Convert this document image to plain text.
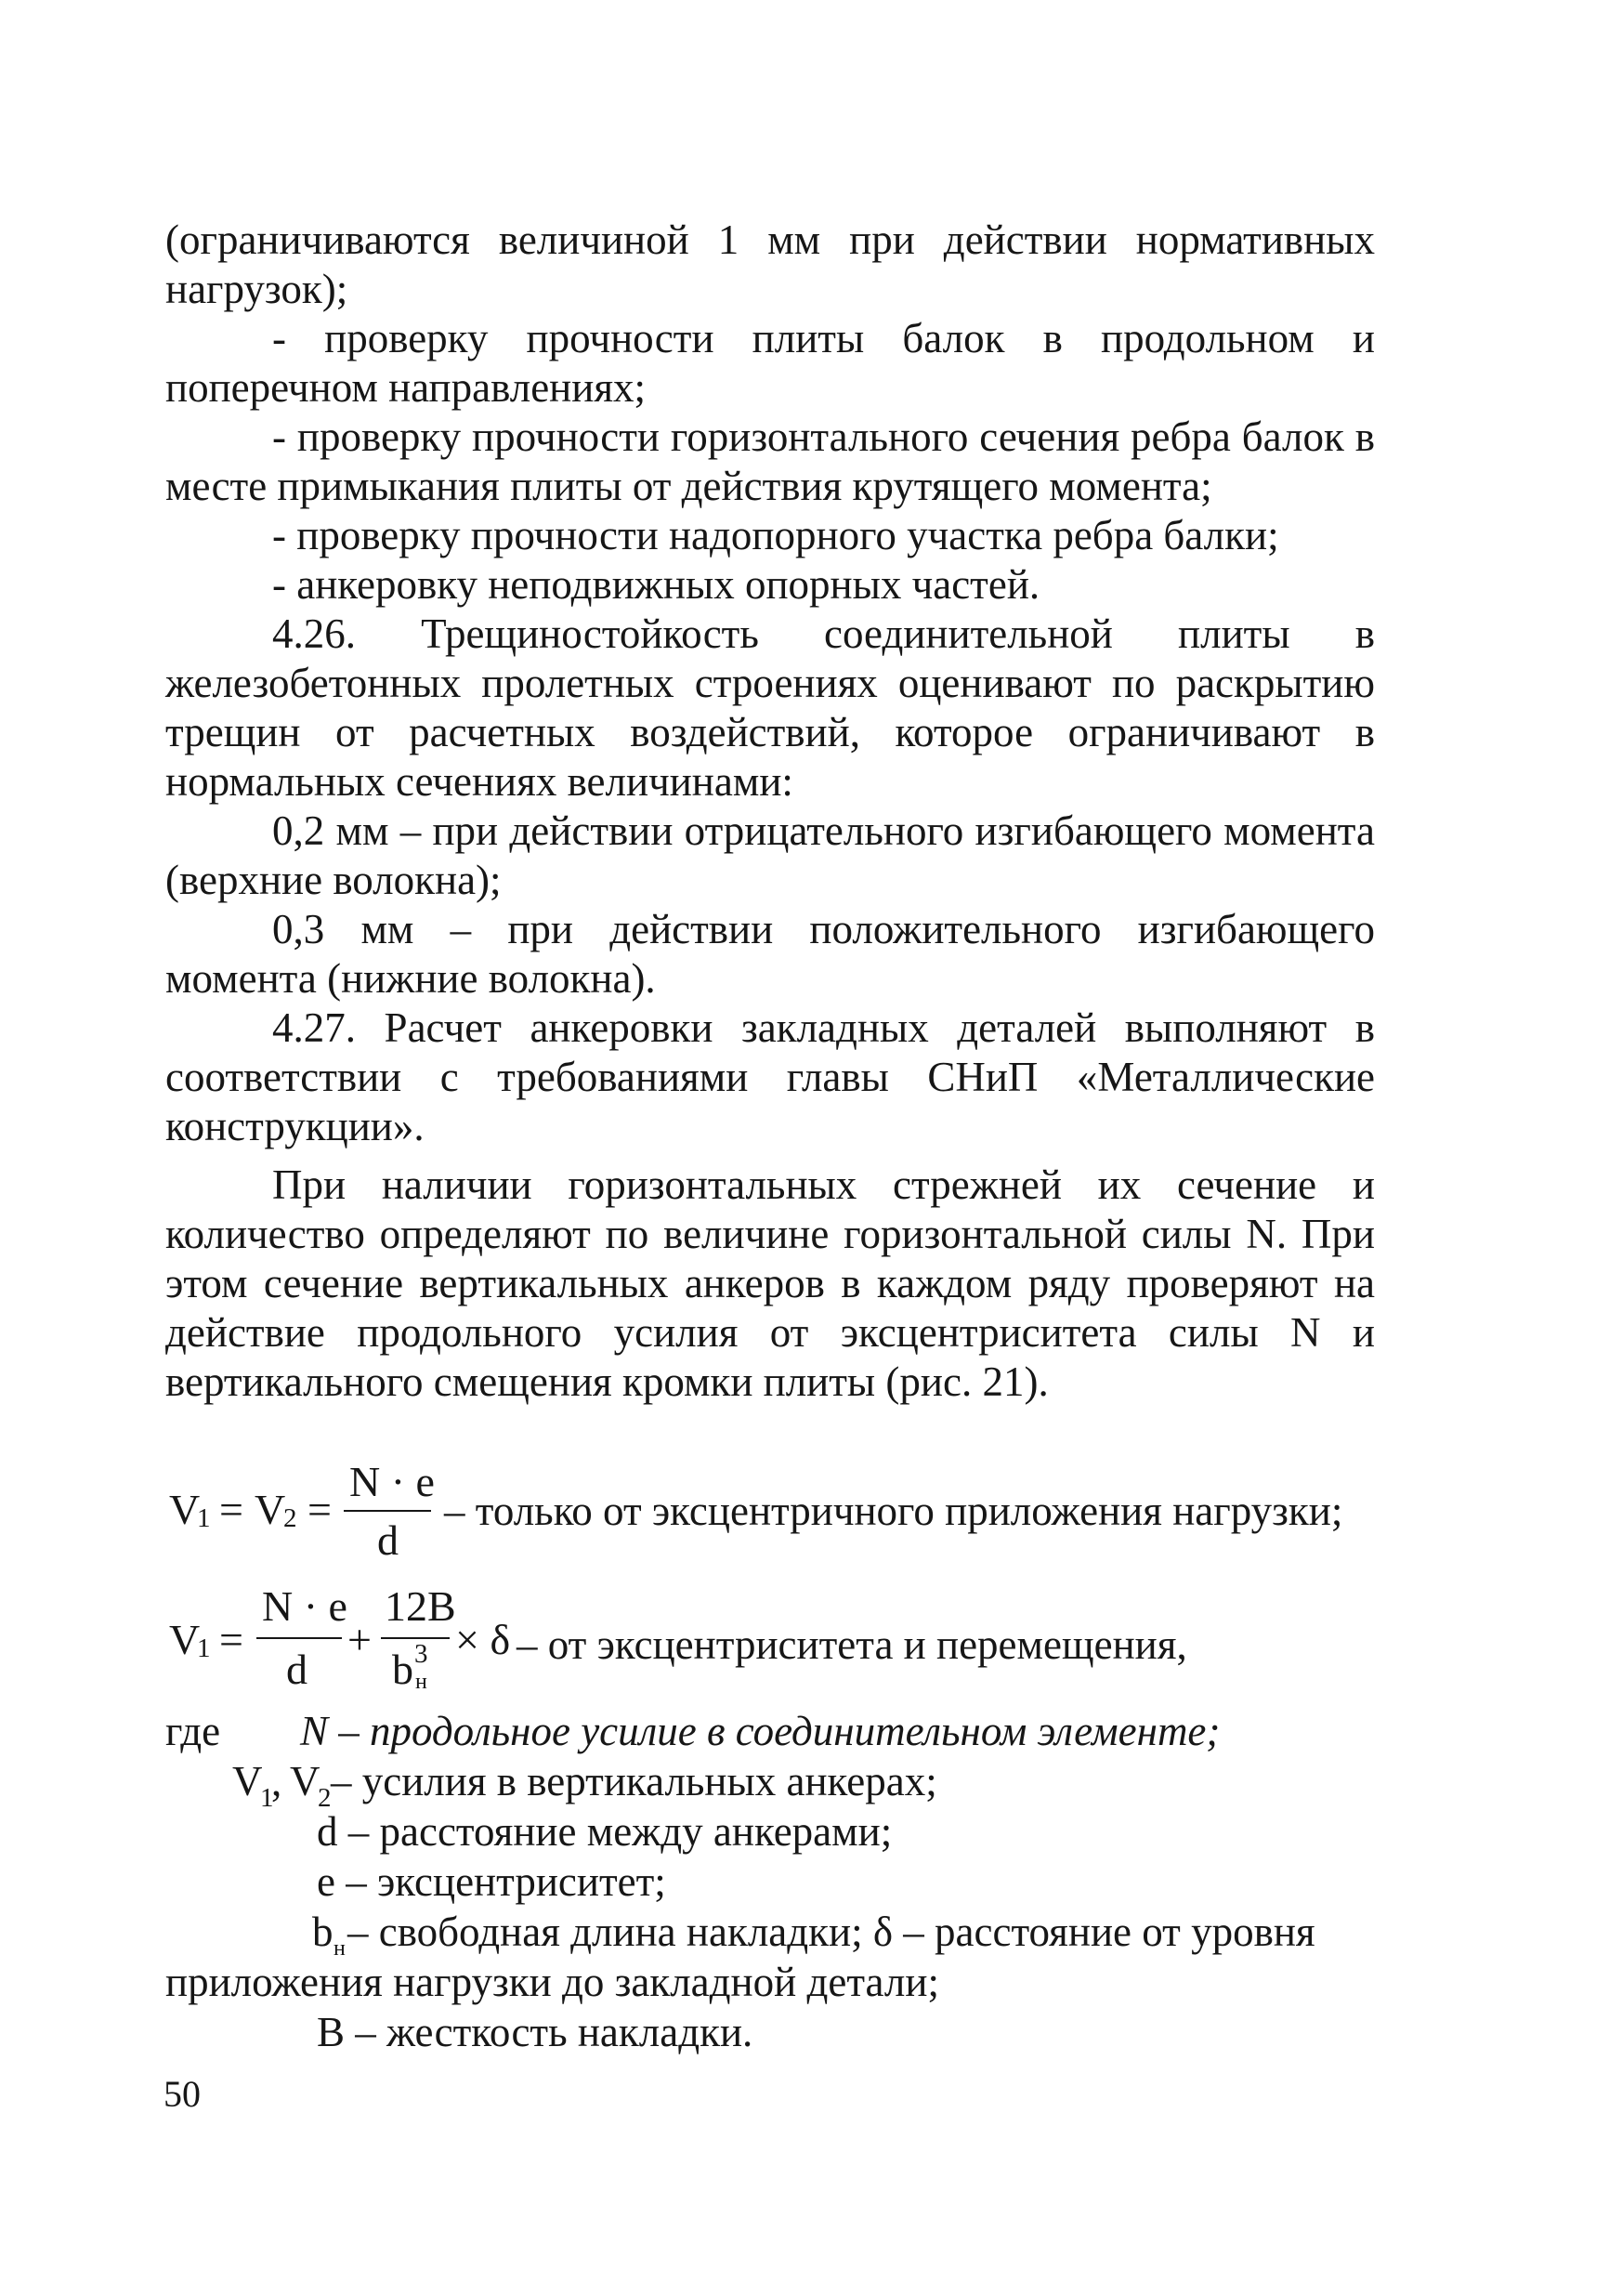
(ограничиваются величиной 1 мм при действии нормативных нагрузок);

- проверку прочности плиты балок в продольном и поперечном направлениях;

- проверку прочности горизонтального сечения ребра балок в месте примыкания плиты от действия крутящего момента;

- проверку прочности надопорного участка ребра балки;

- анкеровку неподвижных опорных частей.

4.26. Трещиностойкость соединительной плиты в железобетонных пролетных строениях оценивают по раскрытию трещин от расчетных воздействий, которое ограничивают в нормальных сечениях величинами:

0,2 мм – при действии отрицательного изгибающего момента (верхние волокна);

0,3 мм – при действии положительного изгибающего момента (нижние волокна).

4.27. Расчет анкеровки закладных деталей выполняют в соответствии с требованиями главы СНиП «Металлические конструкции».

При наличии горизонтальных стрежней их сечение и количество определяют по величине горизонтальной силы N. При этом сечение вертикальных анкеров в каждом ряду проверяют на действие продольного усилия от эксцентриситета силы N и вертикального смещения кромки плиты (рис. 21).

V
1 = V
2 =
N · e
d
– только от эксцентричного приложения нагрузки;
V
1 =
N · e
d
+
12B
b 3
н
× δ – от эксцентриситета и перемещения,
где N – продольное усилие в соединительном элементе;
V
1
, V
2 – усилия в вертикальных анкерах;
d – расстояние между анкерами;
e – эксцентриситет;
b н – свободная длина накладки; δ – расстояние от уровня
приложения нагрузки до закладной детали;
B – жесткость накладки.
50
